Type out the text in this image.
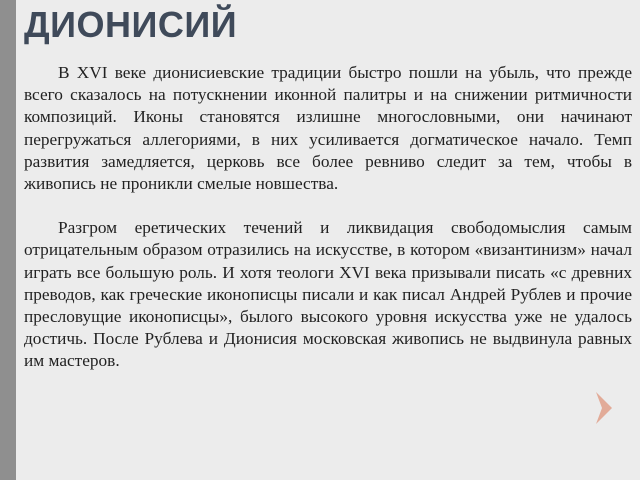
ДИОНИСИЙ

В XVI веке дионисиевские традиции быстро пошли на убыль, что прежде всего сказалось на потускнении иконной палитры и на снижении ритмичности композиций. Иконы становятся излишне многословными, они начинают перегружаться аллегориями, в них усиливается догматическое начало. Темп развития замедляется, церковь все более ревниво следит за тем, чтобы в живопись не проникли смелые новшества.

Разгром еретических течений и ликвидация свободомыслия самым отрицательным образом отразились на искусстве, в котором «византинизм» начал играть все большую роль. И хотя теологи XVI века призывали писать «с древних преводов, как греческие иконописцы писали и как писал Андрей Рублев и прочие пресловущие иконописцы», былого высокого уровня искусства уже не удалось достичь. После Рублева и Дионисия московская живопись не выдвинула равных им мастеров.
